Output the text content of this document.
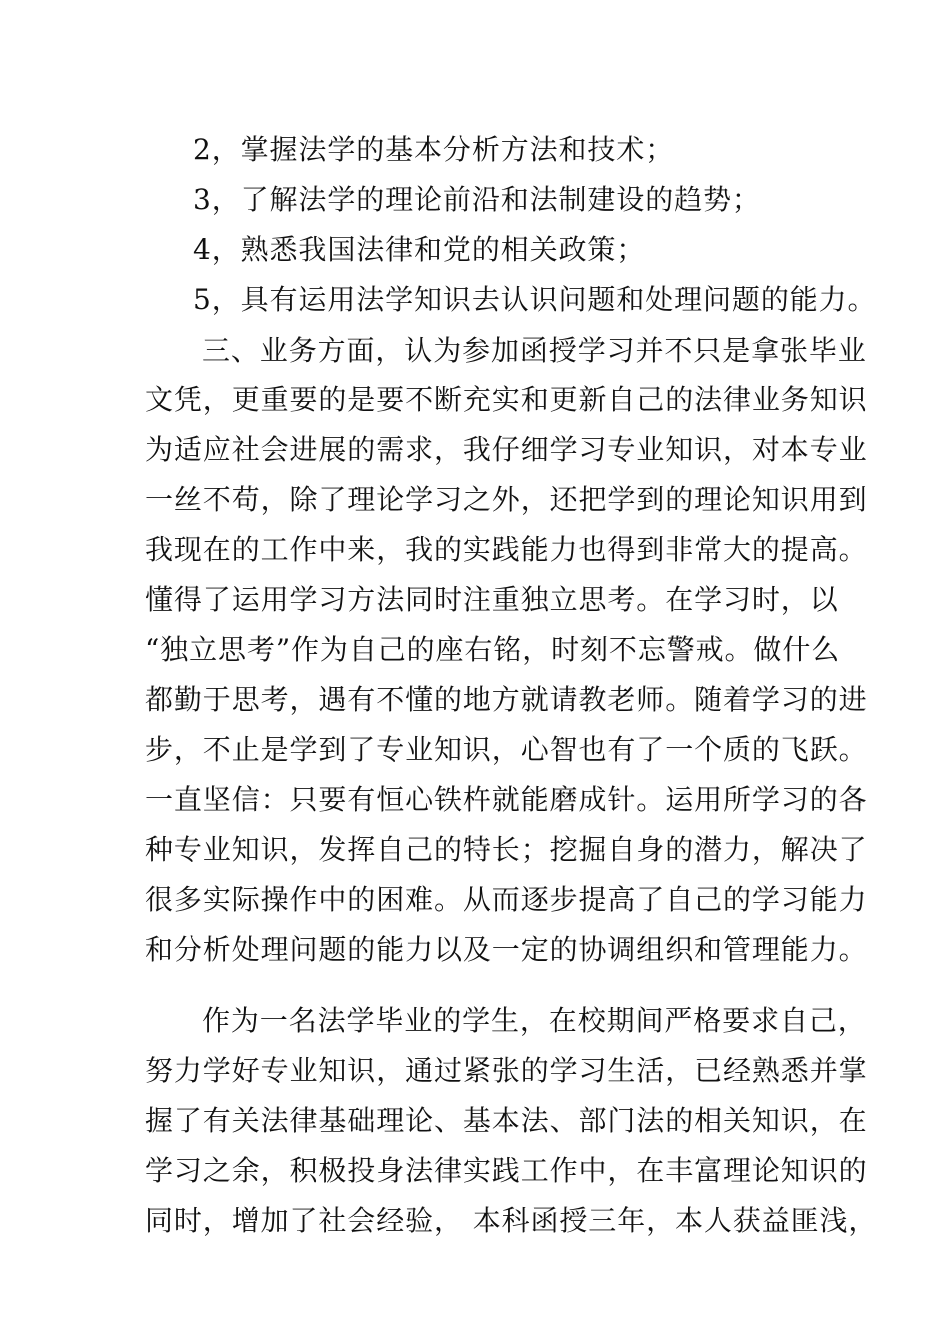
2，掌握法学的基本分析方法和技术；
3，了解法学的理论前沿和法制建设的趋势；
4，熟悉我国法律和党的相关政策；
5，具有运用法学知识去认识问题和处理问题的能力。
三、业务方面，认为参加函授学习并不只是拿张毕业
文凭，更重要的是要不断充实和更新自己的法律业务知识
为适应社会进展的需求，我仔细学习专业知识，对本专业
一丝不苟，除了理论学习之外，还把学到的理论知识用到
我现在的工作中来，我的实践能力也得到非常大的提高。
懂得了运用学习方法同时注重独立思考。在学习时，以
“独立思考”作为自己的座右铭，时刻不忘警戒。做什么
都勤于思考，遇有不懂的地方就请教老师。随着学习的进
步，不止是学到了专业知识，心智也有了一个质的飞跃。
一直坚信：只要有恒心铁杵就能磨成针。运用所学习的各
种专业知识，发挥自己的特长；挖掘自身的潜力，解决了
很多实际操作中的困难。从而逐步提高了自己的学习能力
和分析处理问题的能力以及一定的协调组织和管理能力。
作为一名法学毕业的学生，在校期间严格要求自己，
努力学好专业知识，通过紧张的学习生活，已经熟悉并掌
握了有关法律基础理论、基本法、部门法的相关知识，在
学习之余，积极投身法律实践工作中，在丰富理论知识的
同时，增加了社会经验， 本科函授三年，本人获益匪浅，
